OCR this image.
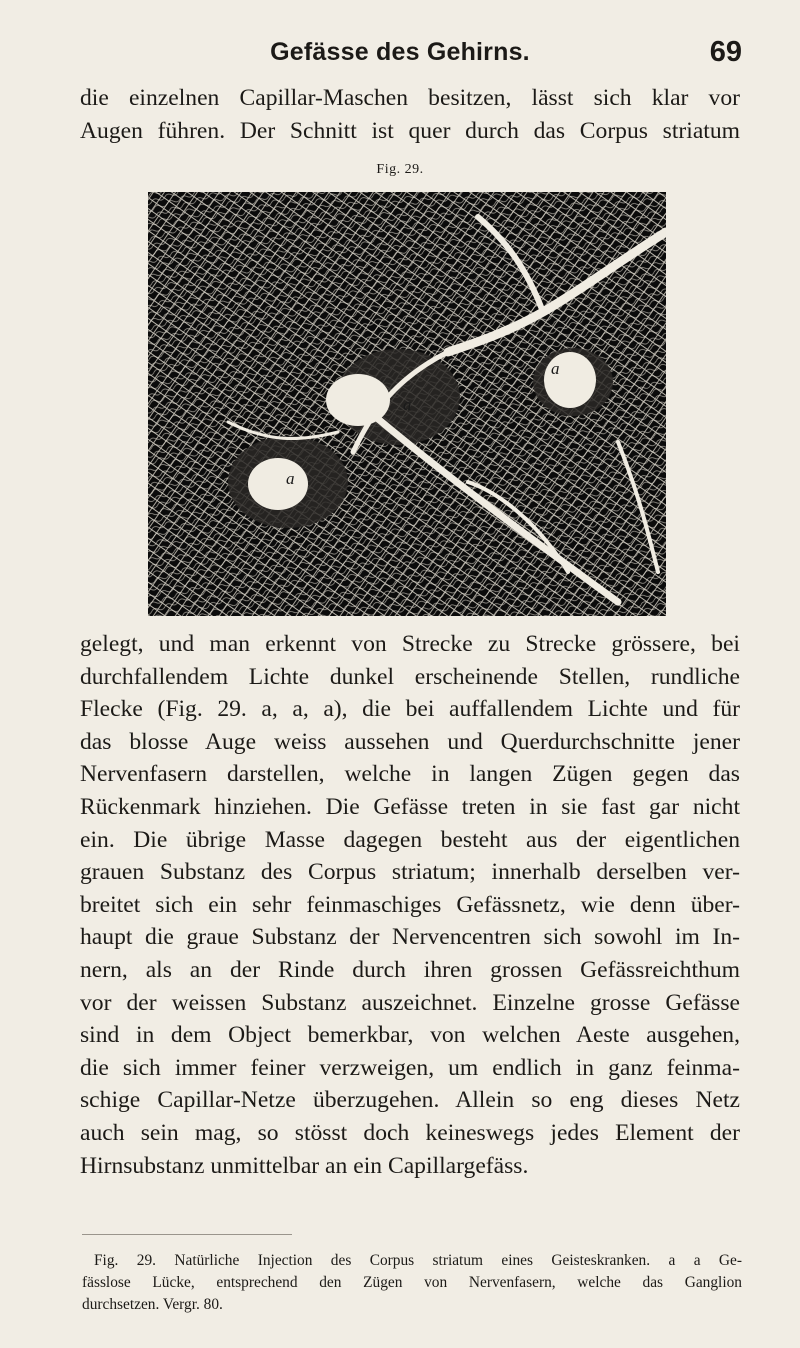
Gefässe des Gehirns.	69
die einzelnen Capillar-Maschen besitzen, lässt sich klar vor
Augen führen. Der Schnitt ist quer durch das Corpus striatum
Fig. 29.
a
a
a
gelegt, und man erkennt von Strecke zu Strecke grössere, bei
durchfallendem Lichte dunkel erscheinende Stellen, rundliche
Flecke (Fig. 29. a, a, a), die bei auffallendem Lichte und für
das blosse Auge weiss aussehen und Querdurchschnitte jener
Nervenfasern darstellen, welche in langen Zügen gegen das
Rückenmark hinziehen. Die Gefässe treten in sie fast gar nicht
ein. Die übrige Masse dagegen besteht aus der eigentlichen
grauen Substanz des Corpus striatum; innerhalb derselben ver-
breitet sich ein sehr feinmaschiges Gefässnetz, wie denn über-
haupt die graue Substanz der Nervencentren sich sowohl im In-
nern, als an der Rinde durch ihren grossen Gefässreichthum
vor der weissen Substanz auszeichnet. Einzelne grosse Gefässe
sind in dem Object bemerkbar, von welchen Aeste ausgehen,
die sich immer feiner verzweigen, um endlich in ganz feinma-
schige Capillar-Netze überzugehen. Allein so eng dieses Netz
auch sein mag, so stösst doch keineswegs jedes Element der
Hirnsubstanz unmittelbar an ein Capillargefäss.
Fig. 29. Natürliche Injection des Corpus striatum eines Geisteskranken. a a Ge-
fässlose Lücke, entsprechend den Zügen von Nervenfasern, welche das Ganglion
durchsetzen. Vergr. 80.
